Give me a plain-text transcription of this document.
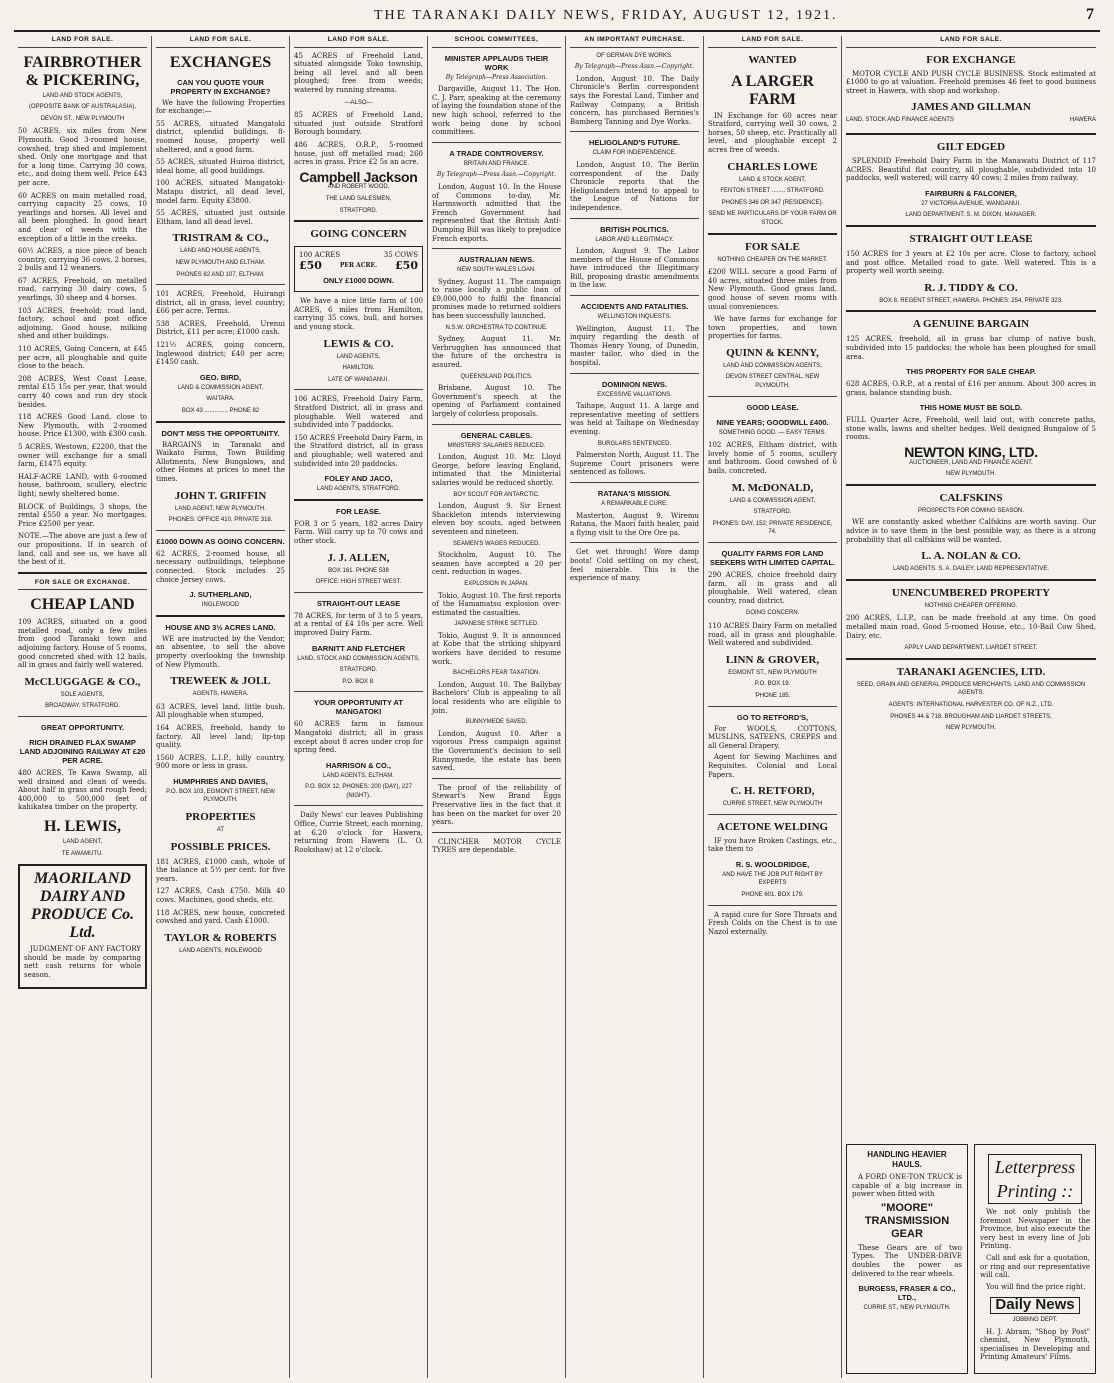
THE TARANAKI DAILY NEWS, FRIDAY, AUGUST 12, 1921.	7
LAND FOR SALE.
FAIRBROTHER & PICKERING,
LAND AND STOCK AGENTS,
(OPPOSITE BANK OF AUSTRALASIA),
DEVON ST., NEW PLYMOUTH
50 ACRES, six miles from New Plymouth. Good 3-roomed house, cowshed, trap shed and implement shed. Only one mortgage and that for a long time. Carrying 30 cows, etc., and doing them well. Price £43 per acre.
60 ACRES on main metalled road, carrying capacity 25 cows, 10 yearlings and horses. All level and all been ploughed. In good heart and clear of weeds with the exception of a little in the creeks.
60½ ACRES, a nice piece of beach country, carrying 36 cows, 2 horses, 2 bulls and 12 weaners.
67 ACRES, Freehold, on metalled road, carrying 30 dairy cows, 5 yearlings, 30 sheep and 4 horses.
103 ACRES, freehold; road land, factory, school and post office adjoining. Good house, milking shed and other buildings.
110 ACRES, Going Concern, at £45 per acre, all ploughable and quite close to the beach.
208 ACRES, West Coast Lease, rental £15 15s per year, that would carry 40 cows and run dry stock besides.
118 ACRES Good Land, close to New Plymouth, with 2-roomed house. Price £1300, with £300 cash.
5 ACRES, Westown, £2200, that the owner will exchange for a small farm, £1475 equity.
HALF-ACRE LAND, with 6-roomed house, bathroom, scullery, electric light; newly sheltered home.
BLOCK of Buildings, 3 shops, the rental £550 a year. No mortgages. Price £2500 per year.
NOTE.—The above are just a few of our propositions. If in search of land, call and see us, we have all the best of it.
FOR SALE OR EXCHANGE.
CHEAP LAND
109 ACRES, situated on a good metalled road, only a few miles from good Taranaki town and adjoining factory. House of 5 rooms, good concreted shed with 12 bails, all in grass and fairly well watered.
McCLUGGAGE & CO.,
SOLE AGENTS,
BROADWAY, STRATFORD.
GREAT OPPORTUNITY.
RICH DRAINED FLAX SWAMP LAND ADJOINING RAILWAY AT £20 PER ACRE.
480 ACRES, Te Kawa Swamp, all well drained and clean of weeds. About half in grass and rough feed; 400,000 to 500,000 feet of kahikatea timber on the property.
H. LEWIS,
LAND AGENT,
TE AWAMUTU.
MAORILAND DAIRY AND PRODUCE Co. Ltd.
JUDGMENT OF ANY FACTORY should be made by comparing nett cash returns for whole season.
LAND FOR SALE.
EXCHANGES
CAN YOU QUOTE YOUR PROPERTY IN EXCHANGE?
We have the following Properties for exchange:—
55 ACRES, situated Mangatoki district, splendid buildings, 8-roomed house, property well sheltered, and a good farm.
55 ACRES, situated Huiroa district, ideal home, all good buildings.
100 ACRES, situated Mangatoki-Matapu district, all dead level, model farm. Equity £3800.
55 ACRES, situated just outside Eltham, land all dead level.
TRISTRAM & CO.,
LAND AND HOUSE AGENTS,
NEW PLYMOUTH AND ELTHAM.
PHONES 82 AND 107, ELTHAM.
101 ACRES, Freehold, Huirangi district, all in grass, level country; £66 per acre. Terms.
538 ACRES, Freehold, Urenui District, £11 per acre; £1000 cash.
121½ ACRES, going concern, Inglewood district; £40 per acre; £1450 cash.
GEO. BIRD,
LAND & COMMISSION AGENT,
WAITARA.
BOX 43 .............. PHONE 82
DON'T MISS THE OPPORTUNITY.
BARGAINS in Taranaki and Waikato Farms, Town Building Allotments, New Bungalows, and other Homes at prices to meet the times.
JOHN T. GRIFFIN
LAND AGENT, NEW PLYMOUTH.
PHONES: OFFICE 410, PRIVATE 318.
£1000 DOWN AS GOING CONCERN.
62 ACRES, 2-roomed house, all necessary outbuildings, telephone connected. Stock includes 25 choice Jersey cows.
J. SUTHERLAND,
INGLEWOOD
HOUSE AND 3½ ACRES LAND.
WE are instructed by the Vendor, an absentee, to sell the above property overlooking the township of New Plymouth.
TREWEEK & JOLL
AGENTS, HAWERA.
63 ACRES, level land, little bush. All ploughable when stumped.
164 ACRES, freehold, handy to factory. All level land; lip-top quality.
1560 ACRES, L.I.P., hilly country, 900 more or less in grass.
HUMPHRIES AND DAVIES,
P.O. BOX 103, EGMONT STREET, NEW PLYMOUTH.
PROPERTIES
AT
POSSIBLE PRICES.
181 ACRES, £1000 cash, whole of the balance at 5½ per cent. for five years.
127 ACRES, Cash £750. Milk 40 cows. Machines, good sheds, etc.
118 ACRES, new house, concreted cowshed and yard. Cash £1000.
TAYLOR & ROBERTS
LAND AGENTS, INGLEWOOD
LAND FOR SALE.
45 ACRES of Freehold Land, situated alongside Toko township, being all level and all been ploughed; free from weeds; watered by running streams.
—ALSO—
85 ACRES of Freehold Land, situated just outside Stratford Borough boundary.
486 ACRES, O.R.P., 5-roomed house, just off metalled road; 260 acres in grass. Price £2 5s an acre.
Campbell Jackson
AND ROBERT WOOD,
THE LAND SALESMEN,
STRATFORD.
GOING CONCERN
100 ACRES	35 COWS
£50	PER ACRE. £50
ONLY £1000 DOWN.
We have a nice little farm of 100 ACRES, 6 miles from Hamilton, carrying 35 cows, bull, and horses and young stock.
LEWIS & CO.
LAND AGENTS,
HAMILTON.
LATE OF WANGANUI.
106 ACRES, Freehold Dairy Farm, Stratford District, all in grass and ploughable. Well watered and subdivided into 7 paddocks.
150 ACRES Freehold Dairy Farm, in the Stratford district, all in grass and ploughable; well watered and subdivided into 20 paddocks.
FOLEY AND JACO,
LAND AGENTS, STRATFORD.
FOR LEASE.
FOR 3 or 5 years, 182 acres Dairy Farm. Will carry up to 70 cows and other stock.
J. J. ALLEN,
BOX 161. PHONE 538
OFFICE: HIGH STREET WEST.
STRAIGHT-OUT LEASE
78 ACRES, for term of 3 to 5 years, at a rental of £4 10s per acre. Well improved Dairy Farm.
BARNITT AND FLETCHER
LAND, STOCK AND COMMISSION AGENTS,
STRATFORD.
P.O. BOX 8.
YOUR OPPORTUNITY AT MANGATOKI
60 ACRES farm in famous Mangatoki district; all in grass except about 8 acres under crop for spring feed.
HARRISON & CO.,
LAND AGENTS, ELTHAM.
P.O. BOX 12. PHONES: 200 (DAY), 227 (NIGHT).
Daily News' cur leaves Publishing Office, Currie Street, each morning, at 6.20 o'clock for Hawera, returning from Hawera (L. O. Rookshaw) at 12 o'clock.
SCHOOL COMMITTEES,
MINISTER APPLAUDS THEIR WORK
By Telegraph—Press Association.
Dargaville, August 11. The Hon. C. J. Parr, speaking at the ceremony of laying the foundation stone of the new high school, referred to the work being done by school committees.
A TRADE CONTROVERSY.
BRITAIN AND FRANCE.
By Telegraph—Press Assn.—Copyright.
London, August 10. In the House of Commons to-day, Mr. Harmsworth admitted that the French Government had represented that the British Anti-Dumping Bill was likely to prejudice French exports.
AUSTRALIAN NEWS.
NEW SOUTH WALES LOAN.
Sydney, August 11. The campaign to raise locally a public loan of £9,000,000 to fulfil the financial promises made to returned soldiers has been successfully launched.
N.S.W. ORCHESTRA TO CONTINUE.
Sydney, August 11. Mr. Verbrugghen has announced that the future of the orchestra is assured.
QUEENSLAND POLITICS.
Brisbane, August 10. The Government's speech at the opening of Parliament contained largely of colorless proposals.
GENERAL CABLES.
MINISTERS' SALARIES REDUCED.
London, August 10. Mr. Lloyd George, before leaving England, intimated that the Ministerial salaries would be reduced shortly.
BOY SCOUT FOR ANTARCTIC.
London, August 9. Sir Ernest Shackleton intends interviewing eleven boy scouts, aged between seventeen and nineteen.
SEAMEN'S WAGES REDUCED.
Stockholm, August 10. The seamen have accepted a 20 per cent. reduction in wages.
EXPLOSION IN JAPAN.
Tokio, August 10. The first reports of the Hamamatsu explosion over-estimated the casualties.
JAPANESE STRIKE SETTLED.
Tokio, August 9. It is announced at Kobe that the striking shipyard workers have decided to resume work.
BACHELORS FEAR TAXATION.
London, August 10. The Ballybay Bachelors' Club is appealing to all local residents who are eligible to join.
BUNNYMEDE SAVED.
London, August 10. After a vigorous Press campaign against the Government's decision to sell Runnymede, the estate has been saved.
The proof of the reliability of Stewart's New Brand Eggs Preservative lies in the fact that it has been on the market for over 20 years.
CLINCHER MOTOR CYCLE TYRES are dependable.
AN IMPORTANT PURCHASE.
OF GERMAN DYE WORKS.
By Telegraph—Press Assn.—Copyright.
London, August 10. The Daily Chronicle's Berlin correspondent says the Forestal Land, Timber and Railway Company, a British concern, has purchased Bernnes's Bamberg Tanning and Dye Works.
HELIGOLAND'S FUTURE.
CLAIM FOR INDEPENDENCE.
London, August 10. The Berlin correspondent of the Daily Chronicle reports that the Heligolanders intend to appeal to the League of Nations for independence.
BRITISH POLITICS.
LABOR AND ILLEGITIMACY.
London, August 9. The Labor members of the House of Commons have introduced the Illegitimacy Bill, proposing drastic amendments in the law.
ACCIDENTS AND FATALITIES.
WELLINGTON INQUESTS.
Wellington, August 11. The inquiry regarding the death of Thomas Henry Young, of Dunedin, master tailor, who died in the hospital.
DOMINION NEWS.
EXCESSIVE VALUATIONS.
Taihape, August 11. A large and representative meeting of settlers was held at Taihape on Wednesday evening.
BURGLARS SENTENCED.
Palmerston North, August 11. The Supreme Court prisoners were sentenced as follows.
RATANA'S MISSION.
A REMARKABLE CURE.
Masterton, August 9. Wiremu Ratana, the Maori faith healer, paid a flying visit to the Ore Ore pa.
Get wet through! Wore damp boots! Cold settling on my chest, feel miserable. This is the experience of many.
LAND FOR SALE.
WANTED
A LARGER FARM
IN Exchange for 60 acres near Stratford, carrying well 30 cows, 2 horses, 50 sheep, etc. Practically all level, and ploughable except 2 acres free of weeds.
CHARLES LOWE
LAND & STOCK AGENT,
FENTON STREET ........ STRATFORD.
PHONES 346 OR 347 (RESIDENCE).
SEND ME PARTICULARS OF YOUR FARM OR STOCK.
FOR SALE
NOTHING CHEAPER ON THE MARKET.
£200 WILL secure a good Farm of 40 acres, situated three miles from New Plymouth. Good grass land, good house of seven rooms with usual conveniences.
We have farms for exchange for town properties, and town properties for farms.
QUINN & KENNY,
LAND AND COMMISSION AGENTS,
DEVON STREET CENTRAL, NEW PLYMOUTH.
GOOD LEASE.
NINE YEARS; GOODWILL £400.
SOMETHING GOOD. — EASY TERMS.
102 ACRES, Eltham district, with lovely home of 5 rooms, scullery and bathroom. Good cowshed of 6 bails, concreted.
M. McDONALD,
LAND & COMMISSION AGENT,
STRATFORD.
PHONES: DAY, 152; PRIVATE RESIDENCE, 74.
QUALITY FARMS FOR LAND SEEKERS WITH LIMITED CAPITAL.
290 ACRES, choice freehold dairy farm, all in grass and all ploughable. Well watered, clean country, road district.
GOING CONCERN.
110 ACRES Dairy Farm on metalled road, all in grass and ploughable. Well watered and subdivided.
LINN & GROVER,
EGMONT ST., NEW PLYMOUTH
P.O. BOX 19.
'PHONE 185.
GO TO RETFORD'S,
For WOOLS, COTTONS, MUSLINS, SATEENS, CREPES and all General Drapery.
Agent for Sewing Machines and Requisites. Colonial and Local Papers.
C. H. RETFORD,
CURRIE STREET, NEW PLYMOUTH
ACETONE WELDING
IF you have Broken Castings, etc., take them to
R. S. WOOLDRIDGE,
AND HAVE THE JOB PUT RIGHT BY EXPERTS
PHONE 601. BOX 179.
A rapid cure for Sore Throats and Fresh Colds on the Chest is to use Nazol externally.
LAND FOR SALE.
FOR EXCHANGE
MOTOR CYCLE AND PUSH CYCLE BUSINESS. Stock estimated at £1000 to go at valuation. Freehold premises 46 feet to good business street in Hawera, with shop and workshop.
JAMES AND GILLMAN
LAND, STOCK AND FINANCE AGENTS	HAWERA
GILT EDGED
SPLENDID Freehold Dairy Farm in the Manawatu District of 117 ACRES. Beautiful flat country, all ploughable, subdivided into 10 paddocks, well watered; will carry 40 cows; 2 miles from railway.
FAIRBURN & FALCONER,
27 VICTORIA AVENUE, WANGANUI.
LAND DEPARTMENT: S. M. DIXON, MANAGER.
STRAIGHT OUT LEASE
150 ACRES for 3 years at £2 10s per acre. Close to factory, school and post office. Metalled road to gate. Well watered. This is a property well worth seeing.
R. J. TIDDY & CO.
BOX 8. REGENT STREET, HAWERA. PHONES: 254, PRIVATE 323.
A GENUINE BARGAIN
125 ACRES, freehold, all in grass bar clump of native bush, subdivided into 15 paddocks; the whole has been ploughed for small area.
THIS PROPERTY FOR SALE CHEAP.
628 ACRES, O.R.P., at a rental of £16 per annum. About 300 acres in grass, balance standing bush.
THIS HOME MUST BE SOLD.
FULL Quarter Acre, Freehold, well laid out, with concrete paths, stone walls, lawns and shelter hedges. Well designed Bungalow of 5 rooms.
NEWTON KING, LTD.
AUCTIONEER, LAND AND FINANCE AGENT,
NEW PLYMOUTH.
CALFSKINS
PROSPECTS FOR COMING SEASON.
WE are constantly asked whether Calfskins are worth saving. Our advice is to save them in the best possible way, as there is a strong probability that all calfskins will be wanted.
L. A. NOLAN & CO.
LAND AGENTS. S. A. DAILEY, LAND REPRESENTATIVE.
UNENCUMBERED PROPERTY
NOTHING CHEAPER OFFERING.
200 ACRES, L.I.P., can be made freehold at any time. On good metalled main road. Good 5-roomed House, etc., 10-Bail Cow Shed, Dairy, etc.
APPLY LAND DEPARTMENT, LIARDET STREET.
TARANAKI AGENCIES, LTD.
SEED, GRAIN AND GENERAL PRODUCE MERCHANTS. LAND AND COMMISSION AGENTS.
AGENTS: INTERNATIONAL HARVESTER CO. OF N.Z., LTD.
PHONES 44 & 718. BROUGHAM AND LIARDET STREETS,
NEW PLYMOUTH.
HANDLING HEAVIER HAULS.
A FORD ONE-TON TRUCK is capable of a big increase in power when fitted with
"MOORE" TRANSMISSION GEAR
These Gears are of two Types. The UNDER-DRIVE doubles the power as delivered to the rear wheels.
BURGESS, FRASER & CO., LTD.,
CURRIE ST., NEW PLYMOUTH.
Letterpress Printing ::
We not only publish the foremost Newspaper in the Province, but also execute the very best in every line of Job Printing.
Call and ask for a quotation, or ring and our representative will call.
You will find the price right.
Daily News
JOBBING DEPT.
H. J. Abram, "Shop by Post" chemist, New Plymouth, specialises in Developing and Printing Amateurs' Films.
